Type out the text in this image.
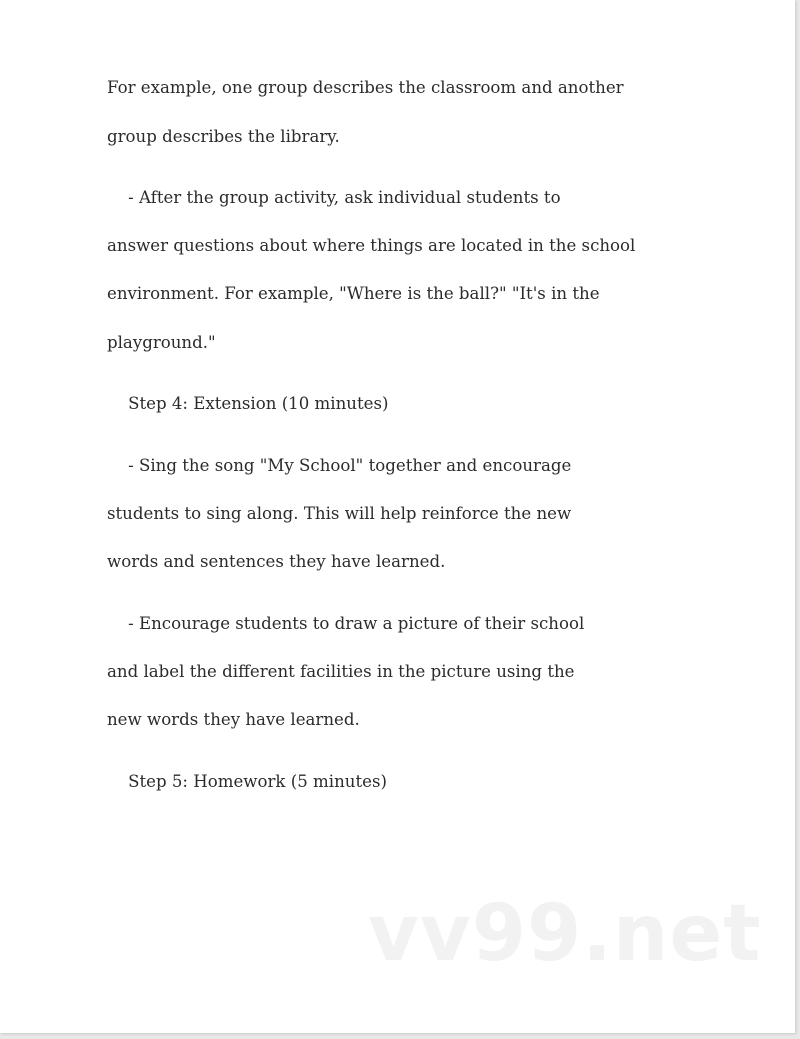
For example, one group describes the classroom and another
group describes the library.
- After the group activity, ask individual students to
answer questions about where things are located in the school
environment. For example, "Where is the ball?" "It's in the
playground."
Step 4: Extension (10 minutes)
- Sing the song "My School" together and encourage
students to sing along. This will help reinforce the new
words and sentences they have learned.
- Encourage students to draw a picture of their school
and label the different facilities in the picture using the
new words they have learned.
Step 5: Homework (5 minutes)
vv99.net
